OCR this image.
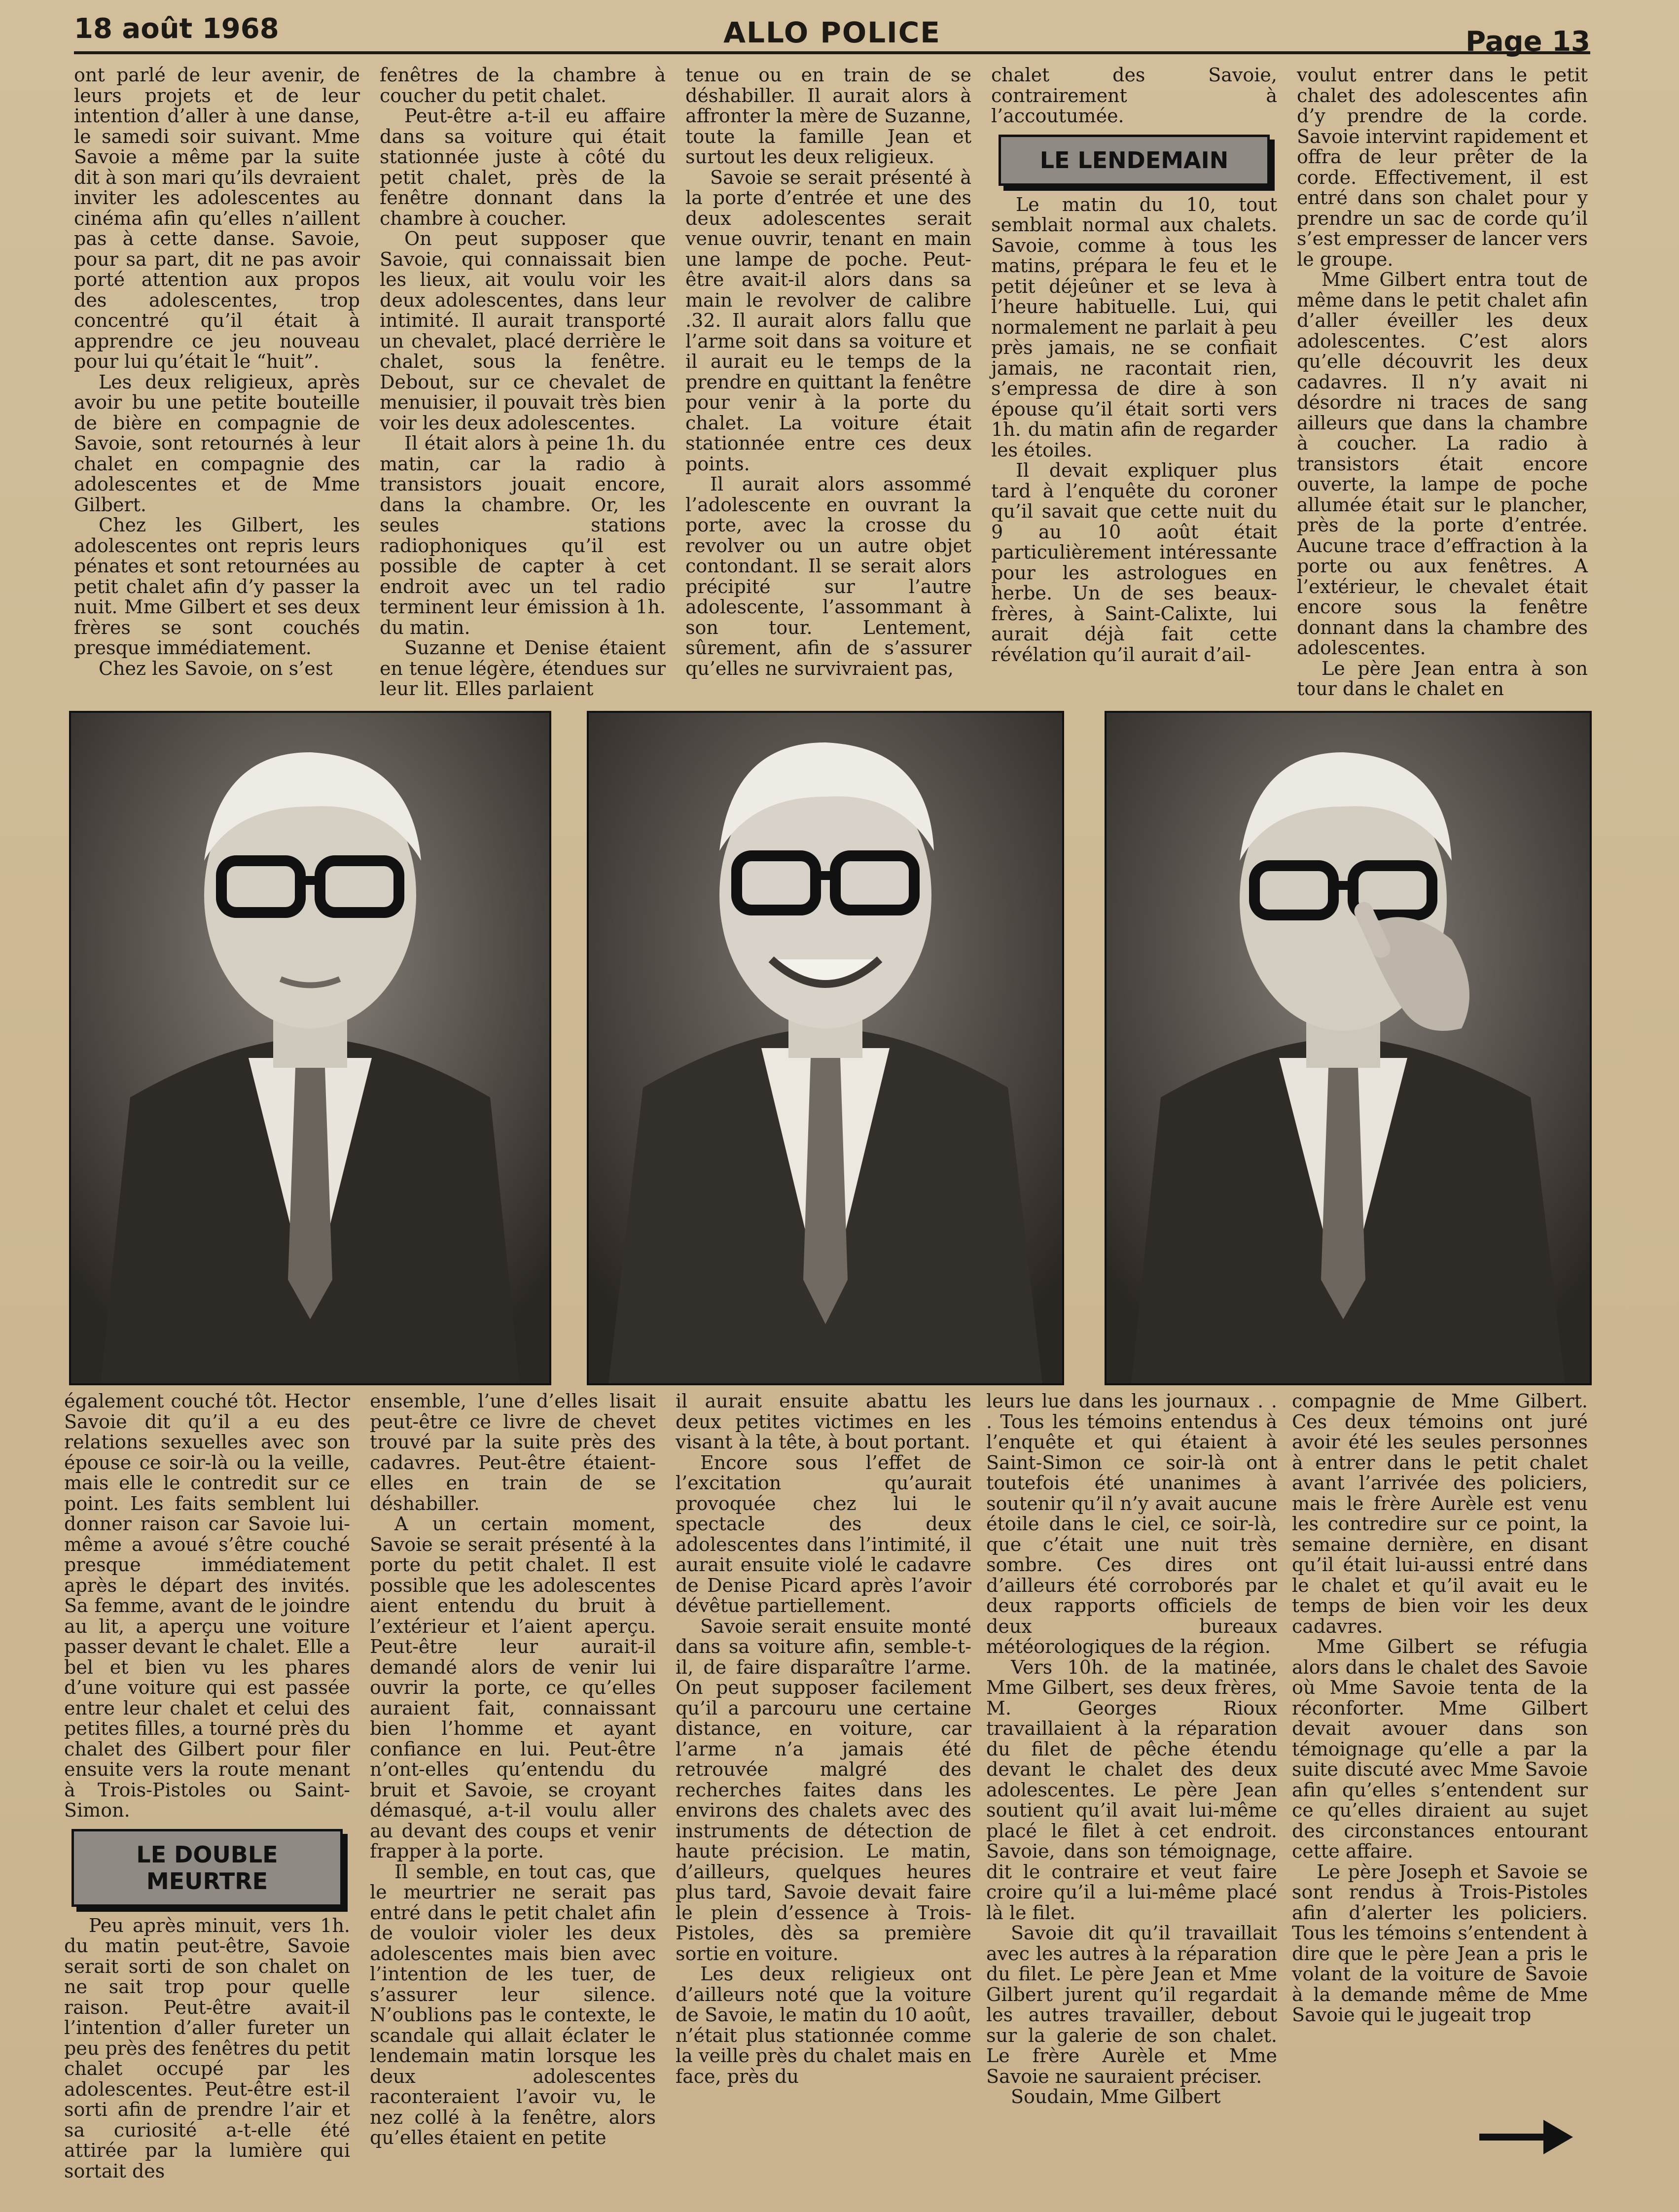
18 août 1968	ALLO POLICE	Page 13

ont parlé de leur avenir, de leurs projets et de leur intention d’aller à une danse, le samedi soir suivant. Mme Savoie a même par la suite dit à son mari qu’ils devraient inviter les adolescentes au cinéma afin qu’elles n’aillent pas à cette danse. Savoie, pour sa part, dit ne pas avoir porté attention aux propos des adolescentes, trop concentré qu’il était à apprendre ce jeu nouveau pour lui qu’était le “huit”.

Les deux religieux, après avoir bu une petite bouteille de bière en compagnie de Savoie, sont retournés à leur chalet en compagnie des adolescentes et de Mme Gilbert.

Chez les Gilbert, les adolescentes ont repris leurs pénates et sont retournées au petit chalet afin d’y passer la nuit. Mme Gilbert et ses deux frères se sont couchés presque immédiatement.

Chez les Savoie, on s’est

fenêtres de la chambre à coucher du petit chalet.

Peut-être a-t-il eu affaire dans sa voiture qui était stationnée juste à côté du petit chalet, près de la fenêtre donnant dans la chambre à coucher.

On peut supposer que Savoie, qui connaissait bien les lieux, ait voulu voir les deux adolescentes, dans leur intimité. Il aurait transporté un chevalet, placé derrière le chalet, sous la fenêtre. Debout, sur ce chevalet de menuisier, il pouvait très bien voir les deux adolescentes.

Il était alors à peine 1h. du matin, car la radio à transistors jouait encore, dans la chambre. Or, les seules stations radiophoniques qu’il est possible de capter à cet endroit avec un tel radio terminent leur émission à 1h. du matin.

Suzanne et Denise étaient en tenue légère, étendues sur leur lit. Elles parlaient

tenue ou en train de se déshabiller. Il aurait alors à affronter la mère de Suzanne, toute la famille Jean et surtout les deux religieux.

Savoie se serait présenté à la porte d’entrée et une des deux adolescentes serait venue ouvrir, tenant en main une lampe de poche. Peut-être avait-il alors dans sa main le revolver de calibre .32. Il aurait alors fallu que l’arme soit dans sa voiture et il aurait eu le temps de la prendre en quittant la fenêtre pour venir à la porte du chalet. La voiture était stationnée entre ces deux points.

Il aurait alors assommé l’adolescente en ouvrant la porte, avec la crosse du revolver ou un autre objet contondant. Il se serait alors précipité sur l’autre adolescente, l’assommant à son tour. Lentement, sûrement, afin de s’assurer qu’elles ne survivraient pas,

chalet des Savoie, contrairement à l’accoutumée.

LE LENDEMAIN

Le matin du 10, tout semblait normal aux chalets. Savoie, comme à tous les matins, prépara le feu et le petit déjeûner et se leva à l’heure habituelle. Lui, qui normalement ne parlait à peu près jamais, ne se confiait jamais, ne racontait rien, s’empressa de dire à son épouse qu’il était sorti vers 1h. du matin afin de regarder les étoiles.

Il devait expliquer plus tard à l’enquête du coroner qu’il savait que cette nuit du 9 au 10 août était particulièrement intéressante pour les astrologues en herbe. Un de ses beaux-frères, à Saint-Calixte, lui aurait déjà fait cette révélation qu’il aurait d’ail-

voulut entrer dans le petit chalet des adolescentes afin d’y prendre de la corde. Savoie intervint rapidement et offra de leur prêter de la corde. Effectivement, il est entré dans son chalet pour y prendre un sac de corde qu’il s’est empresser de lancer vers le groupe.

Mme Gilbert entra tout de même dans le petit chalet afin d’aller éveiller les deux adolescentes. C’est alors qu’elle découvrit les deux cadavres. Il n’y avait ni désordre ni traces de sang ailleurs que dans la chambre à coucher. La radio à transistors était encore ouverte, la lampe de poche allumée était sur le plancher, près de la porte d’entrée. Aucune trace d’effraction à la porte ou aux fenêtres. A l’extérieur, le chevalet était encore sous la fenêtre donnant dans la chambre des adolescentes.

Le père Jean entra à son tour dans le chalet en

également couché tôt. Hector Savoie dit qu’il a eu des relations sexuelles avec son épouse ce soir-là ou la veille, mais elle le contredit sur ce point. Les faits semblent lui donner raison car Savoie lui-même a avoué s’être couché presque immédiatement après le départ des invités. Sa femme, avant de le joindre au lit, a aperçu une voiture passer devant le chalet. Elle a bel et bien vu les phares d’une voiture qui est passée entre leur chalet et celui des petites filles, a tourné près du chalet des Gilbert pour filer ensuite vers la route menant à Trois-Pistoles ou Saint-Simon.

LE DOUBLE MEURTRE

Peu après minuit, vers 1h. du matin peut-être, Savoie serait sorti de son chalet on ne sait trop pour quelle raison. Peut-être avait-il l’intention d’aller fureter un peu près des fenêtres du petit chalet occupé par les adolescentes. Peut-être est-il sorti afin de prendre l’air et sa curiosité a-t-elle été attirée par la lumière qui sortait des

ensemble, l’une d’elles lisait peut-être ce livre de chevet trouvé par la suite près des cadavres. Peut-être étaient-elles en train de se déshabiller.

A un certain moment, Savoie se serait présenté à la porte du petit chalet. Il est possible que les adolescentes aient entendu du bruit à l’extérieur et l’aient aperçu. Peut-être leur aurait-il demandé alors de venir lui ouvrir la porte, ce qu’elles auraient fait, connaissant bien l’homme et ayant confiance en lui. Peut-être n’ont-elles qu’entendu du bruit et Savoie, se croyant démasqué, a-t-il voulu aller au devant des coups et venir frapper à la porte.

Il semble, en tout cas, que le meurtrier ne serait pas entré dans le petit chalet afin de vouloir violer les deux adolescentes mais bien avec l’intention de les tuer, de s’assurer leur silence. N’oublions pas le contexte, le scandale qui allait éclater le lendemain matin lorsque les deux adolescentes raconteraient l’avoir vu, le nez collé à la fenêtre, alors qu’elles étaient en petite

il aurait ensuite abattu les deux petites victimes en les visant à la tête, à bout portant.

Encore sous l’effet de l’excitation qu’aurait provoquée chez lui le spectacle des deux adolescentes dans l’intimité, il aurait ensuite violé le cadavre de Denise Picard après l’avoir dévêtue partiellement.

Savoie serait ensuite monté dans sa voiture afin, semble-t-il, de faire disparaître l’arme. On peut supposer facilement qu’il a parcouru une certaine distance, en voiture, car l’arme n’a jamais été retrouvée malgré des recherches faites dans les environs des chalets avec des instruments de détection de haute précision. Le matin, d’ailleurs, quelques heures plus tard, Savoie devait faire le plein d’essence à Trois-Pistoles, dès sa première sortie en voiture.

Les deux religieux ont d’ailleurs noté que la voiture de Savoie, le matin du 10 août, n’était plus stationnée comme la veille près du chalet mais en face, près du

leurs lue dans les journaux . . . Tous les témoins entendus à l’enquête et qui étaient à Saint-Simon ce soir-là ont toutefois été unanimes à soutenir qu’il n’y avait aucune étoile dans le ciel, ce soir-là, que c’était une nuit très sombre. Ces dires ont d’ailleurs été corroborés par deux rapports officiels de deux bureaux météorologiques de la région.

Vers 10h. de la matinée, Mme Gilbert, ses deux frères, M. Georges Rioux travaillaient à la réparation du filet de pêche étendu devant le chalet des deux adolescentes. Le père Jean soutient qu’il avait lui-même placé le filet à cet endroit. Savoie, dans son témoignage, dit le contraire et veut faire croire qu’il a lui-même placé là le filet.

Savoie dit qu’il travaillait avec les autres à la réparation du filet. Le père Jean et Mme Gilbert jurent qu’il regardait les autres travailler, debout sur la galerie de son chalet. Le frère Aurèle et Mme Savoie ne sauraient préciser.

Soudain, Mme Gilbert

compagnie de Mme Gilbert. Ces deux témoins ont juré avoir été les seules personnes à entrer dans le petit chalet avant l’arrivée des policiers, mais le frère Aurèle est venu les contredire sur ce point, la semaine dernière, en disant qu’il était lui-aussi entré dans le chalet et qu’il avait eu le temps de bien voir les deux cadavres.

Mme Gilbert se réfugia alors dans le chalet des Savoie où Mme Savoie tenta de la réconforter. Mme Gilbert devait avouer dans son témoignage qu’elle a par la suite discuté avec Mme Savoie afin qu’elles s’entendent sur ce qu’elles diraient au sujet des circonstances entourant cette affaire.

Le père Joseph et Savoie se sont rendus à Trois-Pistoles afin d’alerter les policiers. Tous les témoins s’entendent à dire que le père Jean a pris le volant de la voiture de Savoie à la demande même de Mme Savoie qui le jugeait trop
